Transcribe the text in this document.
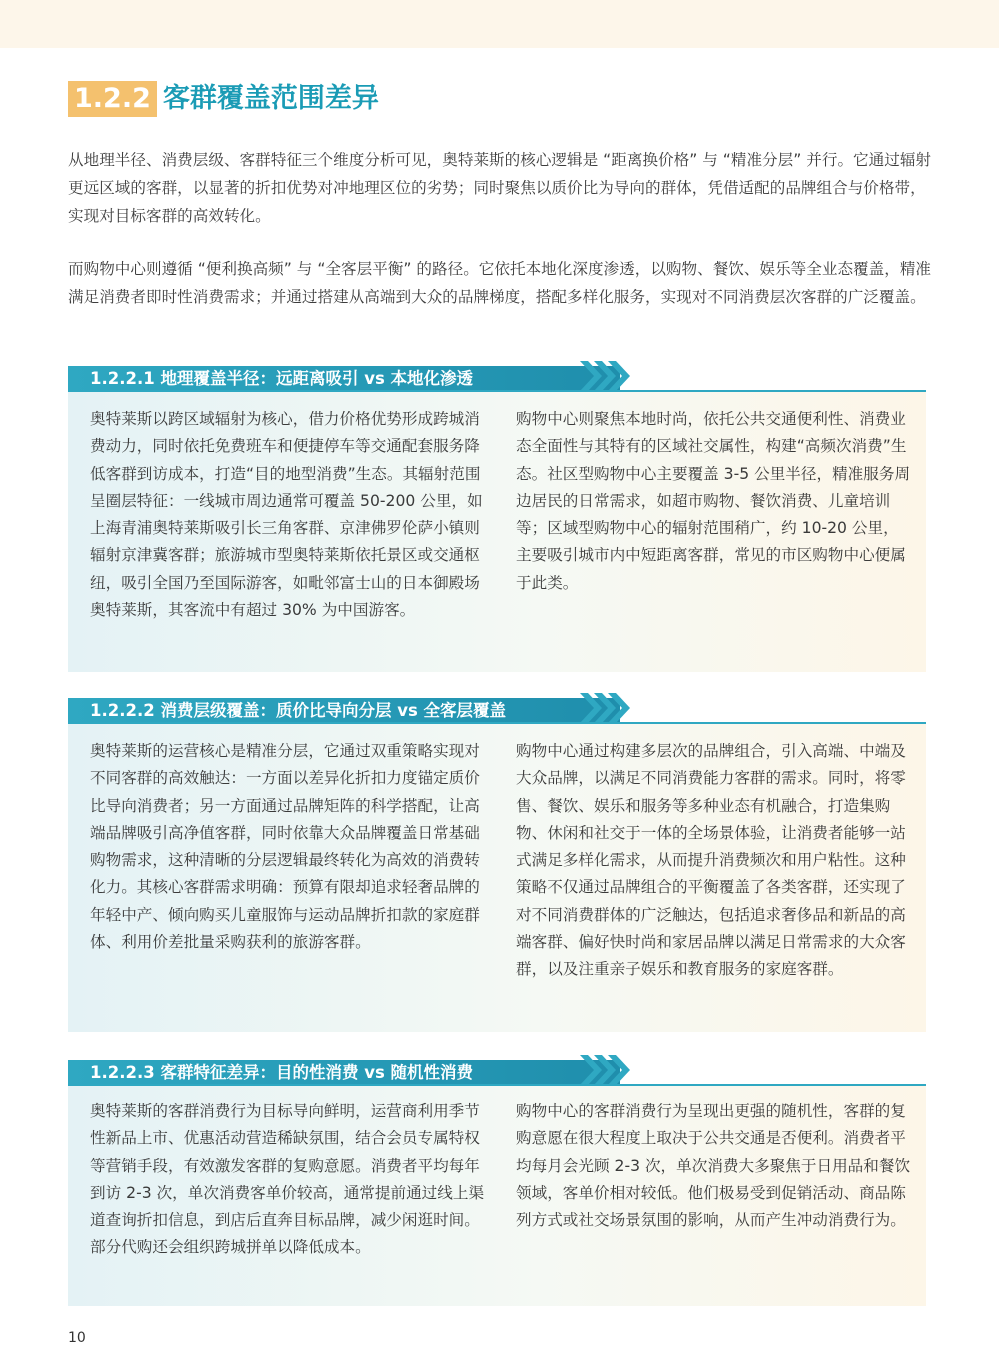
1.2.2 客群覆盖范围差异

从地理半径、消费层级、客群特征三个维度分析可见，奥特莱斯的核心逻辑是 “距离换价格” 与 “精准分层” 并行。它通过辐射更远区域的客群，以显著的折扣优势对冲地理区位的劣势；同时聚焦以质价比为导向的群体，凭借适配的品牌组合与价格带，实现对目标客群的高效转化。

而购物中心则遵循 “便利换高频” 与 “全客层平衡” 的路径。它依托本地化深度渗透，以购物、餐饮、娱乐等全业态覆盖，精准满足消费者即时性消费需求；并通过搭建从高端到大众的品牌梯度，搭配多样化服务，实现对不同消费层次客群的广泛覆盖。

1.2.2.1 地理覆盖半径：远距离吸引 vs 本地化渗透

奥特莱斯以跨区域辐射为核心，借力价格优势形成跨城消费动力，同时依托免费班车和便捷停车等交通配套服务降低客群到访成本，打造“目的地型消费”生态。其辐射范围呈圈层特征：一线城市周边通常可覆盖 50-200 公里，如上海青浦奥特莱斯吸引长三角客群、京津佛罗伦萨小镇则辐射京津冀客群；旅游城市型奥特莱斯依托景区或交通枢纽，吸引全国乃至国际游客，如毗邻富士山的日本御殿场奥特莱斯，其客流中有超过 30% 为中国游客。

购物中心则聚焦本地时尚，依托公共交通便利性、消费业态全面性与其特有的区域社交属性，构建“高频次消费”生态。社区型购物中心主要覆盖 3-5 公里半径，精准服务周边居民的日常需求，如超市购物、餐饮消费、儿童培训等；区域型购物中心的辐射范围稍广，约 10-20 公里，主要吸引城市内中短距离客群，常见的市区购物中心便属于此类。

1.2.2.2 消费层级覆盖：质价比导向分层 vs 全客层覆盖

奥特莱斯的运营核心是精准分层，它通过双重策略实现对不同客群的高效触达：一方面以差异化折扣力度锚定质价比导向消费者；另一方面通过品牌矩阵的科学搭配，让高端品牌吸引高净值客群，同时依靠大众品牌覆盖日常基础购物需求，这种清晰的分层逻辑最终转化为高效的消费转化力。其核心客群需求明确：预算有限却追求轻奢品牌的年轻中产、倾向购买儿童服饰与运动品牌折扣款的家庭群体、利用价差批量采购获利的旅游客群。

购物中心通过构建多层次的品牌组合，引入高端、中端及大众品牌，以满足不同消费能力客群的需求。同时，将零售、餐饮、娱乐和服务等多种业态有机融合，打造集购物、休闲和社交于一体的全场景体验，让消费者能够一站式满足多样化需求，从而提升消费频次和用户粘性。这种策略不仅通过品牌组合的平衡覆盖了各类客群，还实现了对不同消费群体的广泛触达，包括追求奢侈品和新品的高端客群、偏好快时尚和家居品牌以满足日常需求的大众客群，以及注重亲子娱乐和教育服务的家庭客群。

1.2.2.3 客群特征差异：目的性消费 vs 随机性消费

奥特莱斯的客群消费行为目标导向鲜明，运营商利用季节性新品上市、优惠活动营造稀缺氛围，结合会员专属特权等营销手段，有效激发客群的复购意愿。消费者平均每年到访 2-3 次，单次消费客单价较高，通常提前通过线上渠道查询折扣信息，到店后直奔目标品牌，减少闲逛时间。部分代购还会组织跨城拼单以降低成本。

购物中心的客群消费行为呈现出更强的随机性，客群的复购意愿在很大程度上取决于公共交通是否便利。消费者平均每月会光顾 2-3 次，单次消费大多聚焦于日用品和餐饮领域，客单价相对较低。他们极易受到促销活动、商品陈列方式或社交场景氛围的影响，从而产生冲动消费行为。

10
